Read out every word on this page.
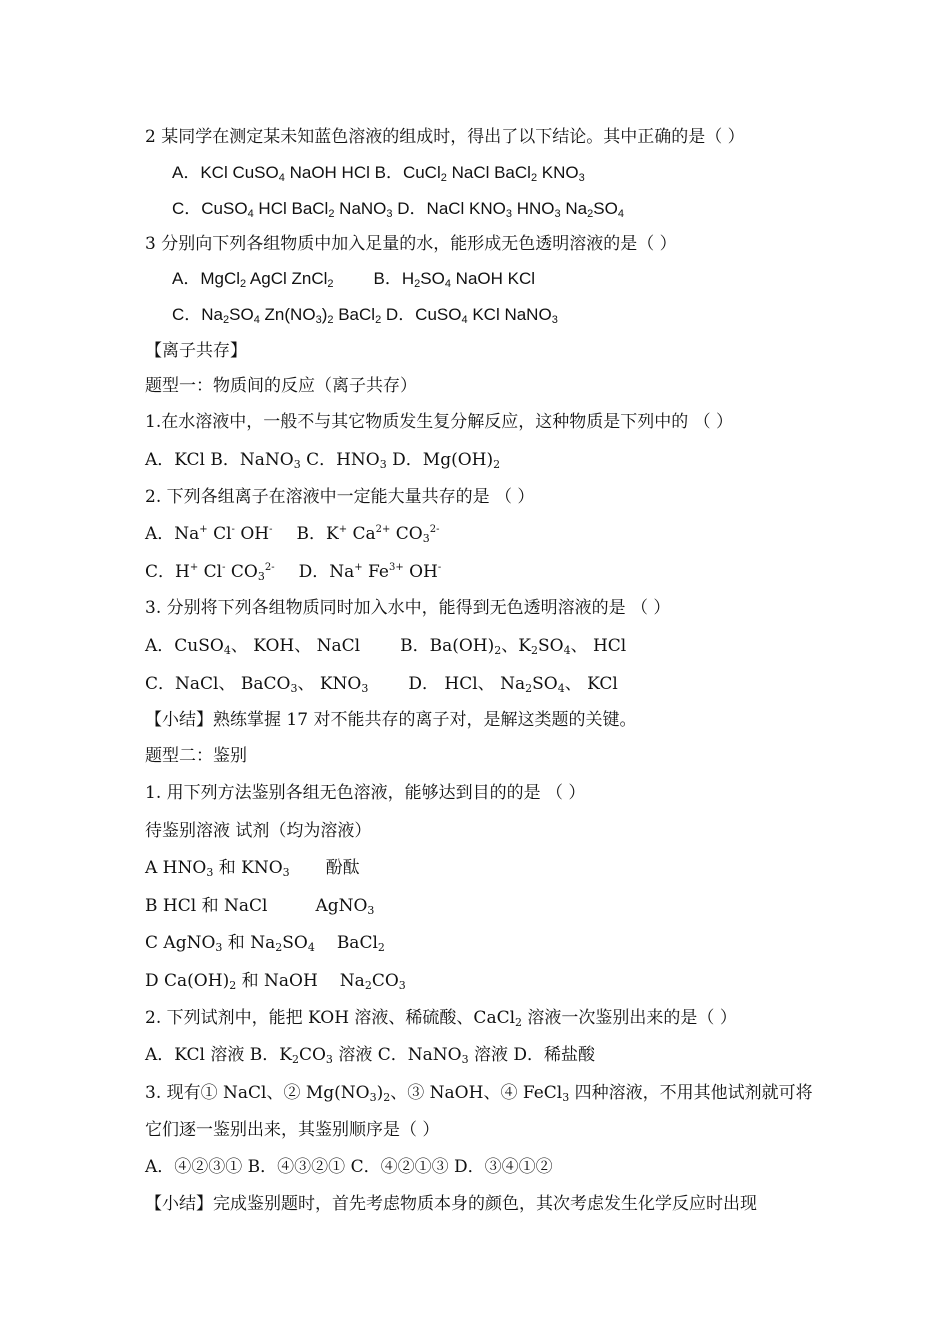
2 某同学在测定某未知蓝色溶液的组成时，得出了以下结论。其中正确的是（ ）
A．KCl CuSO$_4$ NaOH HCl B．CuCl$_2$ NaCl BaCl$_2$ $KNO_3$
C．CuSO$_4$ HCl BaCl$_2$ NaNO$_3$ D．NaCl $KNO_3$ $HNO_3$ $Na_2SO_4$
3 分别向下列各组物质中加入足量的水，能形成无色透明溶液的是（ ）
A．MgCl$_2$ AgCl ZnCl$_2$ B．$H_2SO_4$ NaOH KCl
C．$Na_2SO_4$ $Zn(NO_3)_2$ BaCl$_2$ D．CuSO$_4$ KCl NaNO$_3$
【离子共存】
题型一：物质间的反应（离子共存）
1.在水溶液中，一般不与其它物质发生复分解反应，这种物质是下列中的 （ ）
A．KCl B．NaNO$_3$ C．$HNO_3$ D．$Mg(OH)_2$
2. 下列各组离子在溶液中一定能大量共存的是 （ ）
A．Na+ Cl- OH- B．K+ $Ca^{2+}$ $CO_3^{2-}$
C．H+ Cl- $CO_3^{2-}$ D．Na+ $Fe^{3+}$ OH-
3. 分别将下列各组物质同时加入水中，能得到无色透明溶液的是 （ ）
A．CuSO$_4$、 KOH、 NaCl B．$Ba(OH)_2$、$K_2SO_4$、 HCl
C．NaCl、 BaCO$_3$、 $KNO_3$ D． HCl、 $Na_2SO_4$、 KCl
【小结】熟练掌握 17 对不能共存的离子对，是解这类题的关键。
题型二：鉴别
1. 用下列方法鉴别各组无色溶液，能够达到目的的是 （ ）
待鉴别溶液 试剂（均为溶液）
A $HNO_3$ 和 $KNO_3$ 酚酞
B HCl 和 NaCl	AgNO$_3$
C AgNO$_3$ 和 $Na_2SO_4$ BaCl$_2$
D $Ca(OH)_2$ 和 NaOH $Na_2CO_3$
2. 下列试剂中，能把 KOH 溶液、稀硫酸、CaCl$_2$ 溶液一次鉴别出来的是（ ）
A．KCl 溶液 B．$K_2CO_3$ 溶液 C．NaNO$_3$ 溶液 D．稀盐酸
3. 现有① NaCl、② $Mg(NO_3)_2$、③ NaOH、④ FeCl$_3$ 四种溶液，不用其他试剂就可将
它们逐一鉴别出来，其鉴别顺序是（ ）
A．④②③① B．④③②① C．④②①③ D．③④①②
【小结】完成鉴别题时，首先考虑物质本身的颜色，其次考虑发生化学反应时出现
